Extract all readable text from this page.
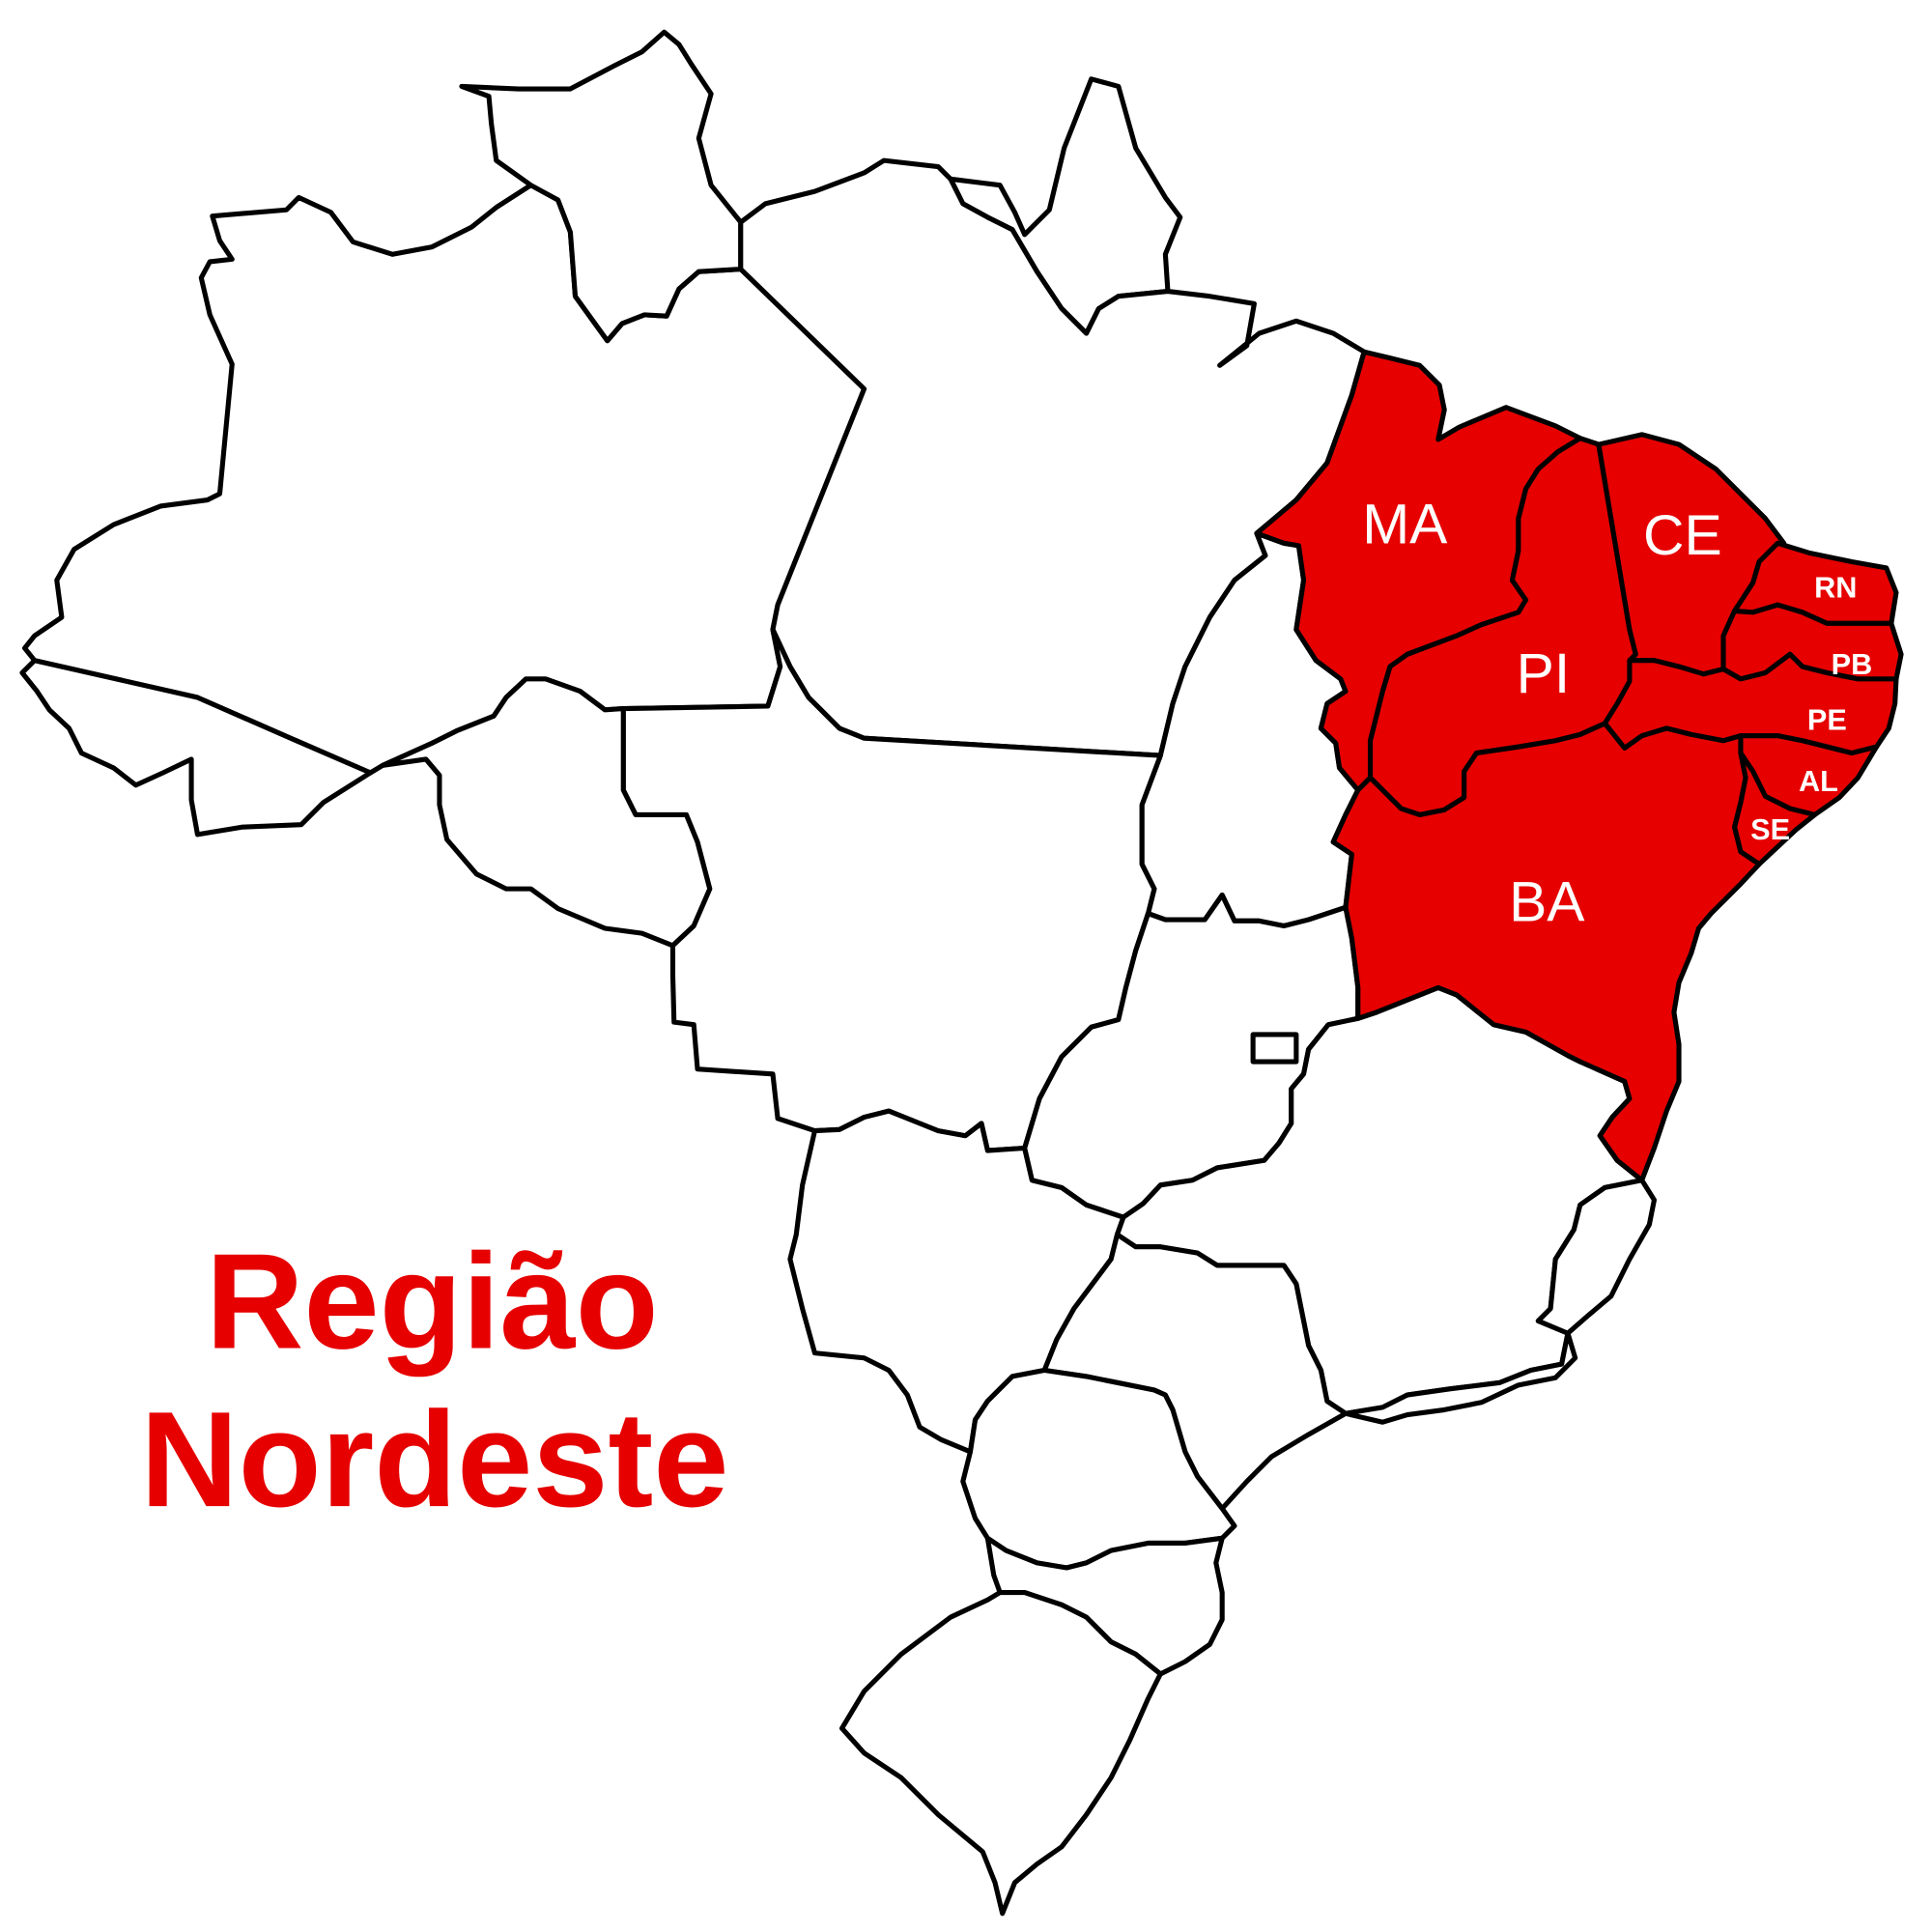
MA	CE
PI
RN
PB
PE
AL
SE
BA
Região
Nordeste
